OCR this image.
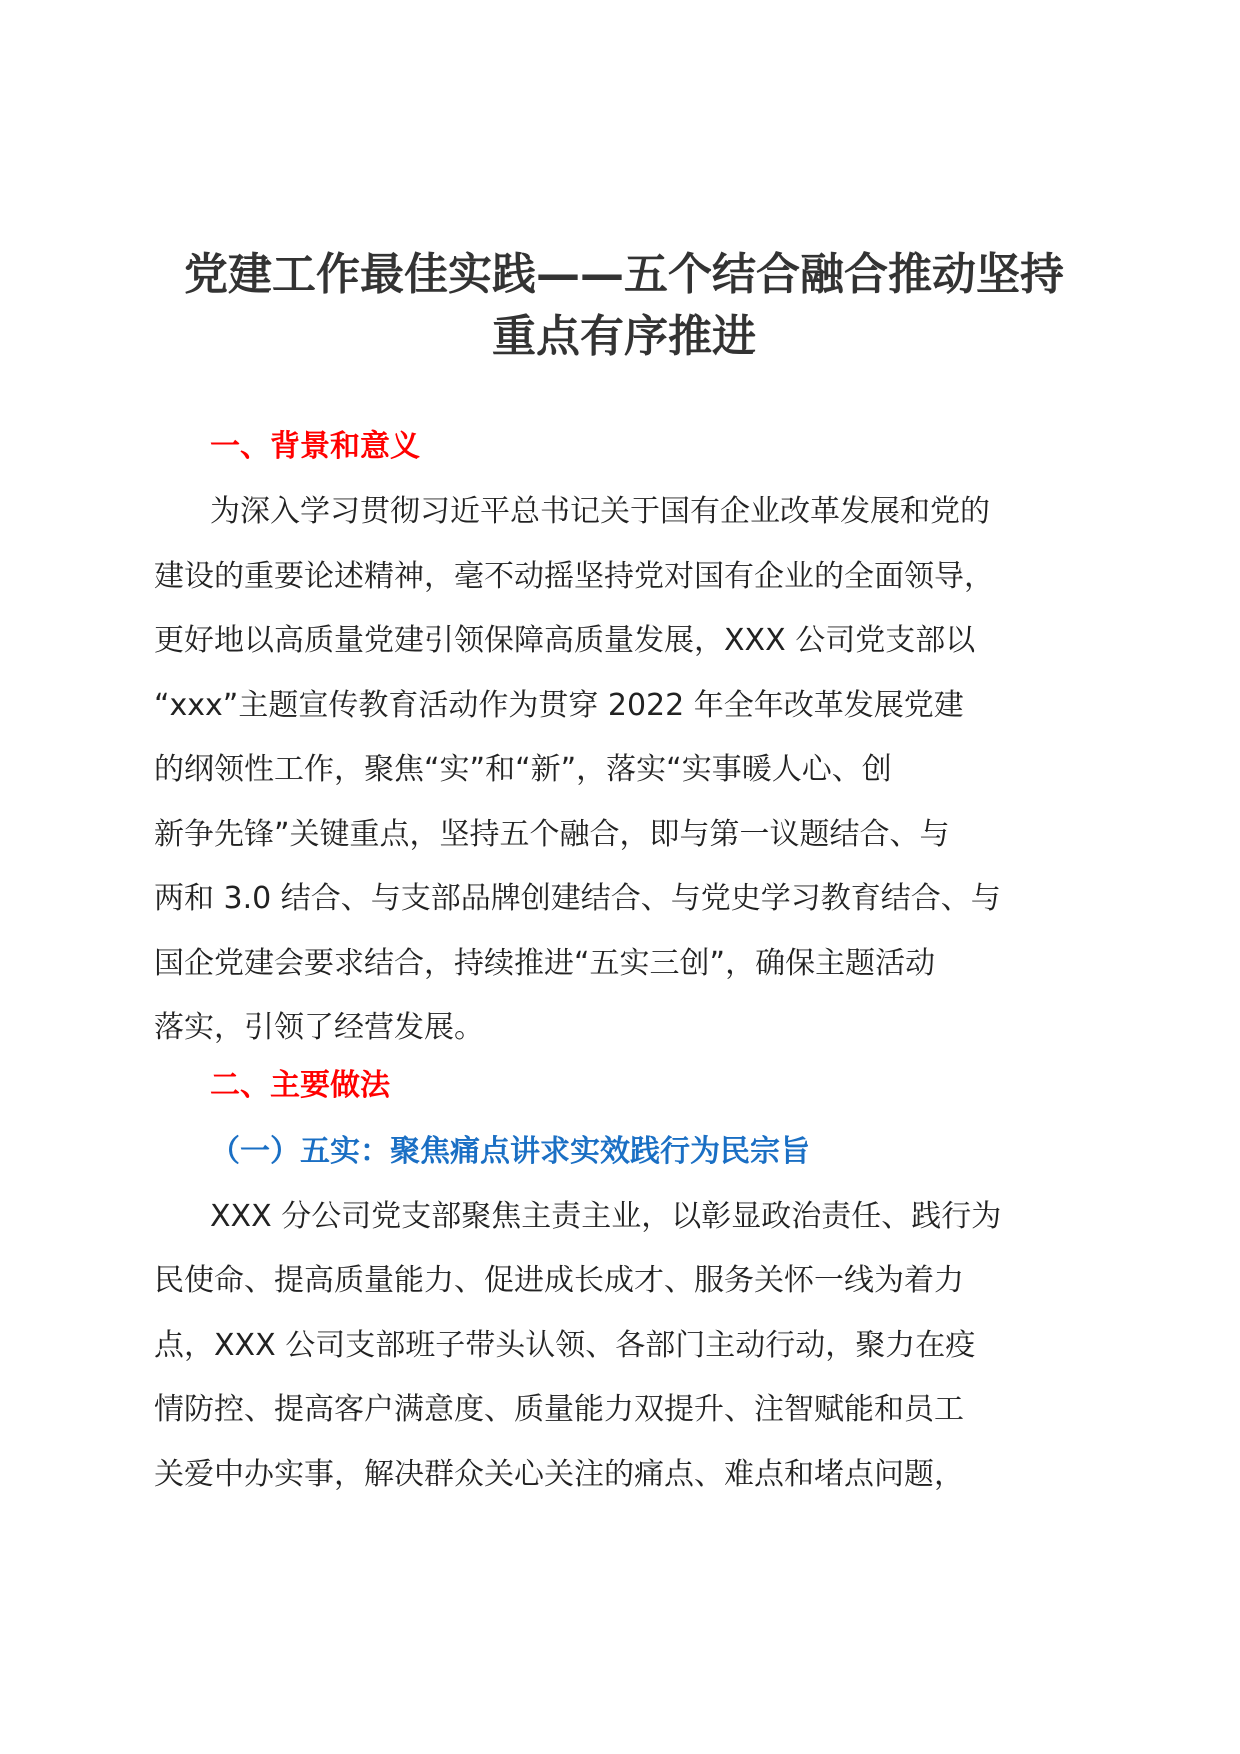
党建工作最佳实践——五个结合融合推动坚持
重点有序推进
一、背景和意义

为深入学习贯彻习近平总书记关于国有企业改革发展和党的
建设的重要论述精神，毫不动摇坚持党对国有企业的全面领导，
更好地以高质量党建引领保障高质量发展，XXX 公司党支部以
“xxx”主题宣传教育活动作为贯穿 2022 年全年改革发展党建
的纲领性工作，聚焦“实”和“新”，落实“实事暖人心、创
新争先锋”关键重点，坚持五个融合，即与第一议题结合、与
两和 3.0 结合、与支部品牌创建结合、与党史学习教育结合、与
国企党建会要求结合，持续推进“五实三创”，确保主题活动
落实，引领了经营发展。

二、主要做法
（一）五实：聚焦痛点讲求实效践行为民宗旨

XXX 分公司党支部聚焦主责主业，以彰显政治责任、践行为
民使命、提高质量能力、促进成长成才、服务关怀一线为着力
点，XXX 公司支部班子带头认领、各部门主动行动，聚力在疫
情防控、提高客户满意度、质量能力双提升、注智赋能和员工
关爱中办实事，解决群众关心关注的痛点、难点和堵点问题，
